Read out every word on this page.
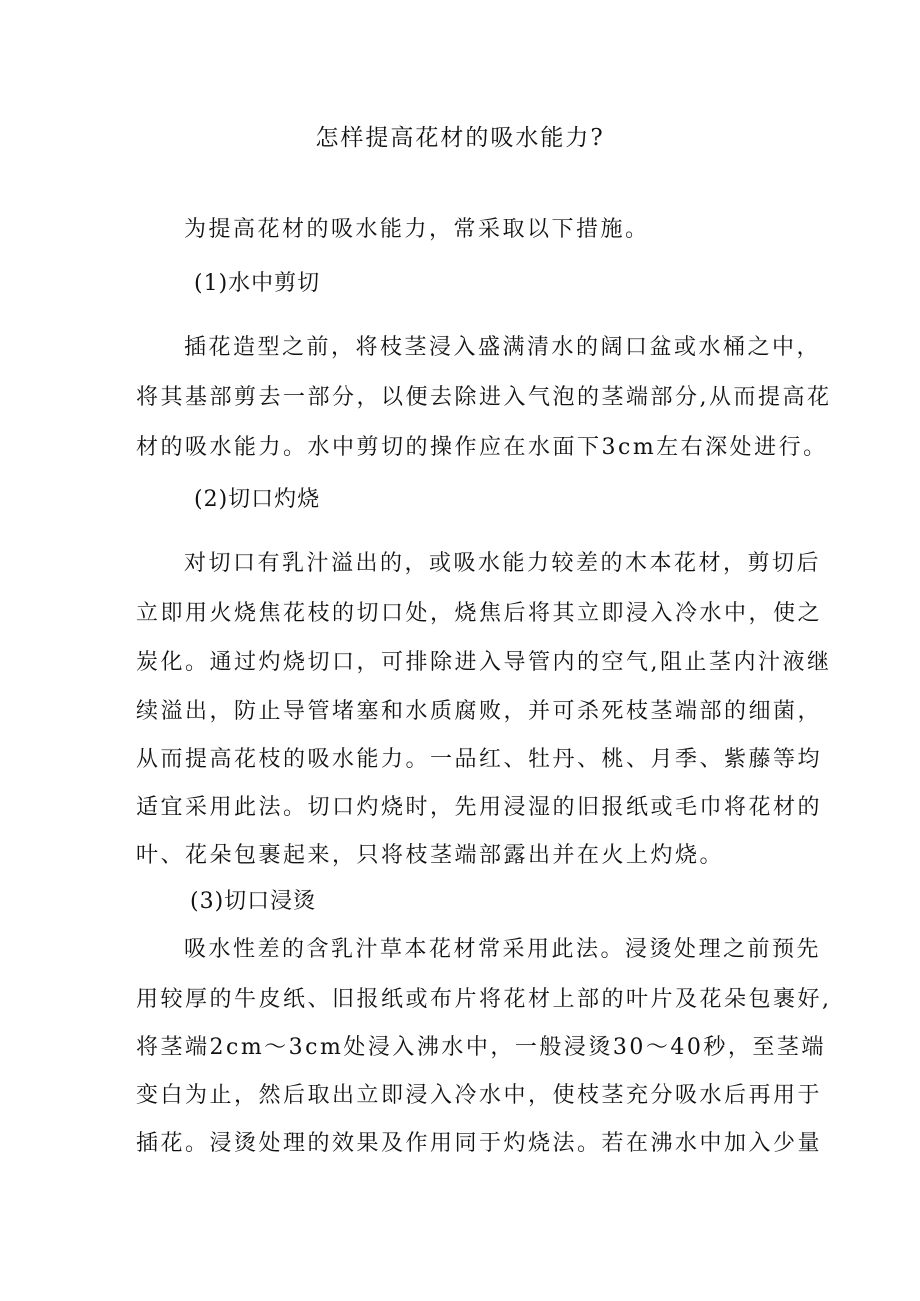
怎样提高花材的吸水能力?
为提高花材的吸水能力，常采取以下措施。
(1)水中剪切
插花造型之前，将枝茎浸入盛满清水的阔口盆或水桶之中，
将其基部剪去一部分，以便去除进入气泡的茎端部分,从而提高花
材的吸水能力。水中剪切的操作应在水面下3cm左右深处进行。
(2)切口灼烧
对切口有乳汁溢出的，或吸水能力较差的木本花材，剪切后
立即用火烧焦花枝的切口处，烧焦后将其立即浸入冷水中，使之
炭化。通过灼烧切口，可排除进入导管内的空气,阻止茎内汁液继
续溢出，防止导管堵塞和水质腐败，并可杀死枝茎端部的细菌，
从而提高花枝的吸水能力。一品红、牡丹、桃、月季、紫藤等均
适宜采用此法。切口灼烧时，先用浸湿的旧报纸或毛巾将花材的
叶、花朵包裹起来，只将枝茎端部露出并在火上灼烧。
(3)切口浸烫
吸水性差的含乳汁草本花材常采用此法。浸烫处理之前预先
用较厚的牛皮纸、旧报纸或布片将花材上部的叶片及花朵包裹好,
将茎端2cm～3cm处浸入沸水中，一般浸烫30～40秒，至茎端
变白为止，然后取出立即浸入冷水中，使枝茎充分吸水后再用于
插花。浸烫处理的效果及作用同于灼烧法。若在沸水中加入少量
